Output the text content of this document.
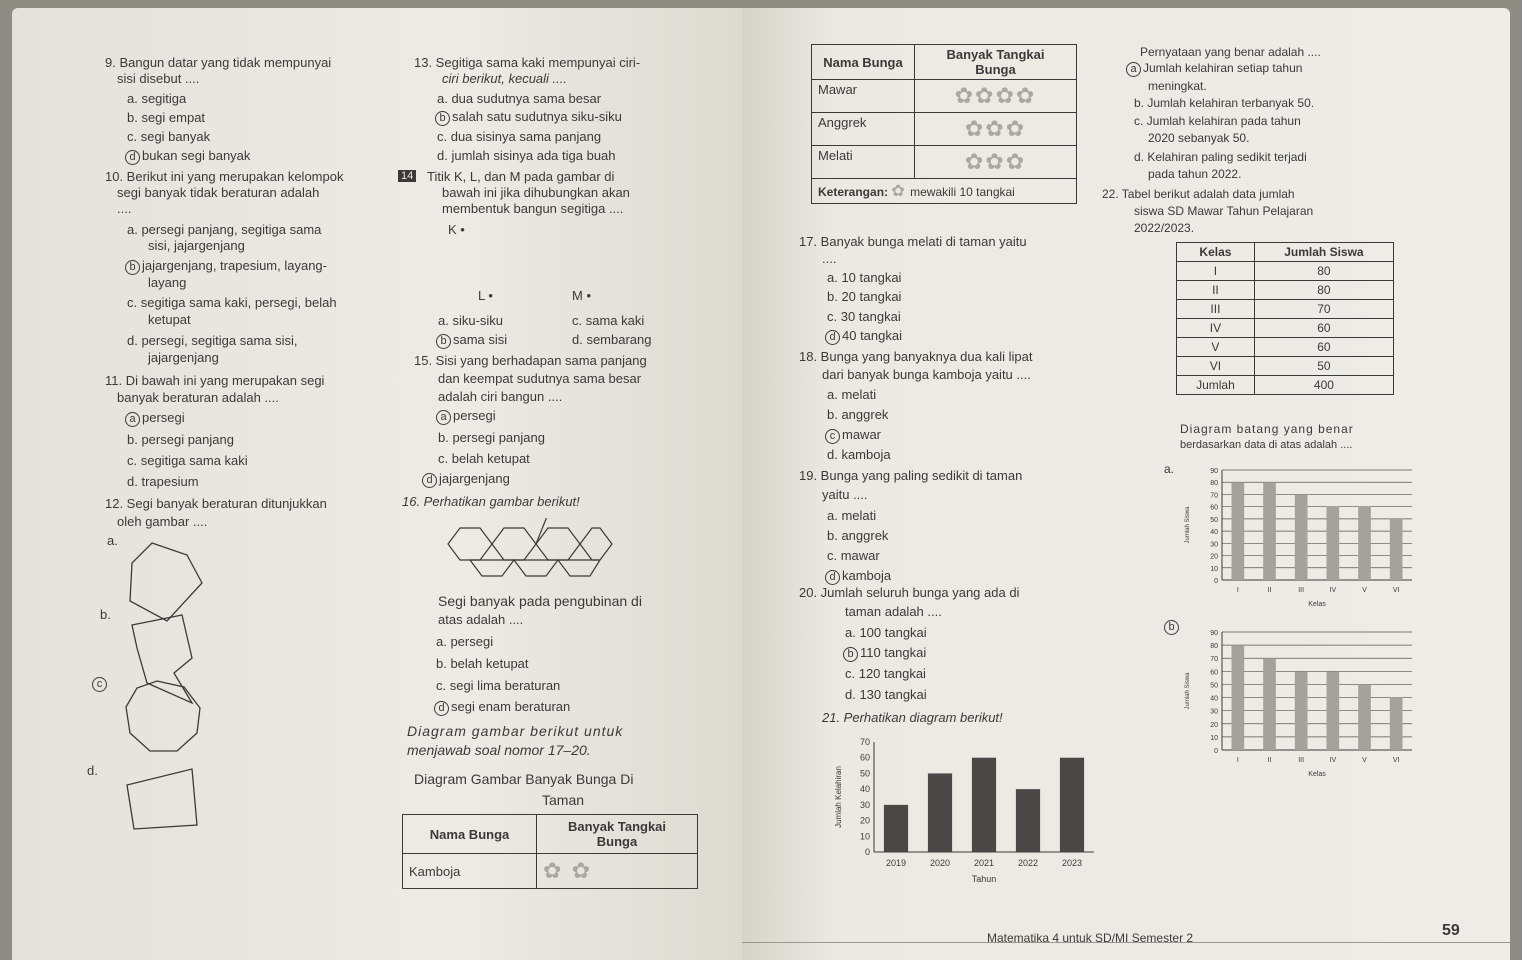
9. Bangun datar yang tidak mempunyai
sisi disebut ....
a. segitiga
b. segi empat
c. segi banyak
d bukan segi banyak
10. Berikut ini yang merupakan kelompok
segi banyak tidak beraturan adalah
....
a. persegi panjang, segitiga sama
sisi, jajargenjang
b jajargenjang, trapesium, layang-
layang
c. segitiga sama kaki, persegi, belah
ketupat
d. persegi, segitiga sama sisi,
jajargenjang
11. Di bawah ini yang merupakan segi
banyak beraturan adalah ....
a persegi
b. persegi panjang
c. segitiga sama kaki
d. trapesium
12. Segi banyak beraturan ditunjukkan
oleh gambar ....
a.
b.
c
d.
13. Segitiga sama kaki mempunyai ciri-
ciri berikut, kecuali ....
a. dua sudutnya sama besar
b salah satu sudutnya siku-siku
c. dua sisinya sama panjang
d. jumlah sisinya ada tiga buah
14 Titik K, L, dan M pada gambar di
bawah ini jika dihubungkan akan
membentuk bangun segitiga ....
K •
L •	M •
a. siku-siku	c. sama kaki
b sama sisi	d. sembarang
15. Sisi yang berhadapan sama panjang
dan keempat sudutnya sama besar
adalah ciri bangun ....
a persegi
b. persegi panjang
c. belah ketupat
d jajargenjang
16. Perhatikan gambar berikut!
Segi banyak pada pengubinan di
atas adalah ....
a. persegi
b. belah ketupat
c. segi lima beraturan
d segi enam beraturan
Diagram gambar berikut untuk
menjawab soal nomor 17–20.
Diagram Gambar Banyak Bunga Di
Taman
Nama Bunga	Banyak Tangkai
Bunga
Kamboja	✿ ✿
Nama Bunga	Banyak Tangkai
Bunga
Mawar	✿✿✿✿
Anggrek	✿✿✿
Melati	✿✿✿
Keterangan: ✿ mewakili 10 tangkai	
17. Banyak bunga melati di taman yaitu
....
a. 10 tangkai
b. 20 tangkai
c. 30 tangkai
d 40 tangkai
18. Bunga yang banyaknya dua kali lipat
dari banyak bunga kamboja yaitu ....
a. melati
b. anggrek
c mawar
d. kamboja
19. Bunga yang paling sedikit di taman
yaitu ....
a. melati
b. anggrek
c. mawar
d kamboja
20. Jumlah seluruh bunga yang ada di
taman adalah ....
a. 100 tangkai
b 110 tangkai
c. 120 tangkai
d. 130 tangkai
21. Perhatikan diagram berikut!
0
10
20
30
40
50
60
70
2019	2020	2021	2022	2023
Tahun
Jumlah Kelahiran
Pernyataan yang benar adalah ....
a Jumlah kelahiran setiap tahun
meningkat.
b. Jumlah kelahiran terbanyak 50.
c. Jumlah kelahiran pada tahun
2020 sebanyak 50.
d. Kelahiran paling sedikit terjadi
pada tahun 2022.
22. Tabel berikut adalah data jumlah
siswa SD Mawar Tahun Pelajaran
2022/2023.
Kelas	Jumlah Siswa
I	80
II	80
III	70
IV	60
V	60
VI	50
Jumlah	400
Diagram batang yang benar
berdasarkan data di atas adalah ....
a.
b
0
10
20
30
40
50
60
70
80
90
I	II	III	IV	V	VI
Kelas
Jumlah Siswa
0
10
20
30
40
50
60
70
80
90
I	II	III	IV	V	VI
Kelas
Jumlah Siswa
Matematika 4 untuk SD/MI Semester 2	59
